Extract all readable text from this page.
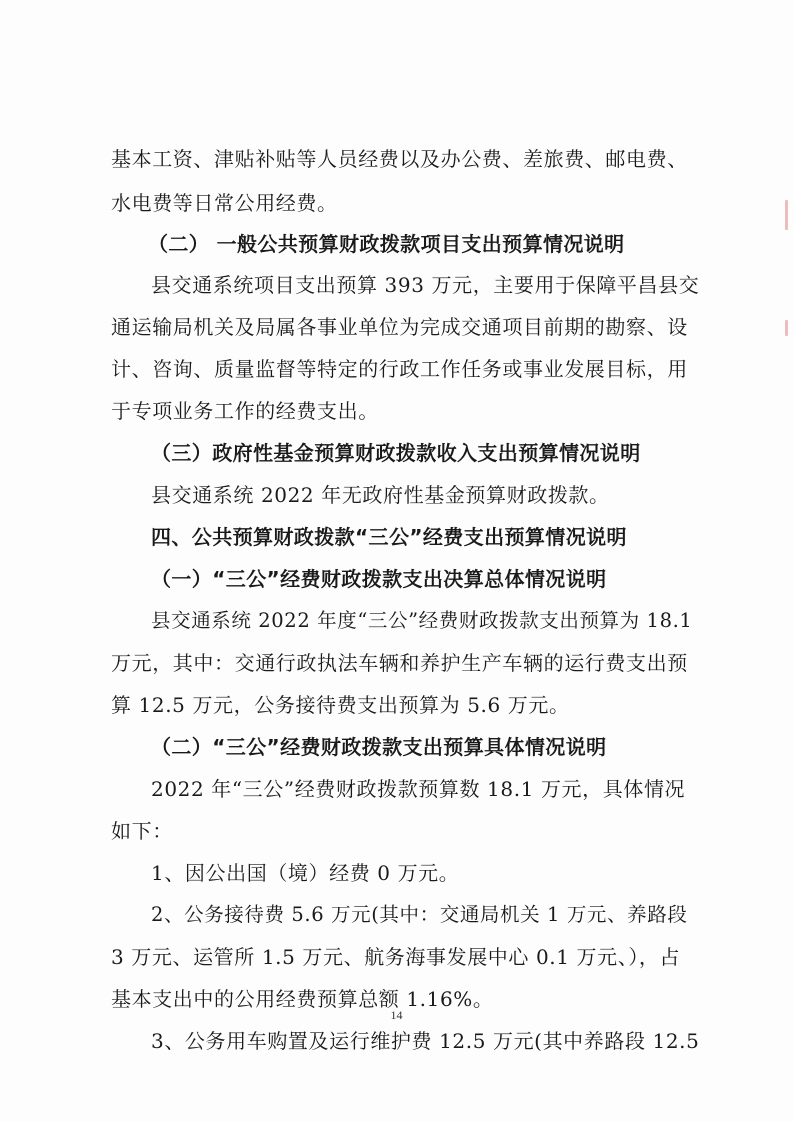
基本工资、津贴补贴等人员经费以及办公费、差旅费、邮电费、
水电费等日常公用经费。
（二） 一般公共预算财政拨款项目支出预算情况说明
县交通系统项目支出预算 393 万元，主要用于保障平昌县交
通运输局机关及局属各事业单位为完成交通项目前期的勘察、设
计、咨询、质量监督等特定的行政工作任务或事业发展目标，用
于专项业务工作的经费支出。
（三）政府性基金预算财政拨款收入支出预算情况说明
县交通系统 2022 年无政府性基金预算财政拨款。
四、公共预算财政拨款“三公”经费支出预算情况说明
（一）“三公”经费财政拨款支出决算总体情况说明
县交通系统 2022 年度“三公”经费财政拨款支出预算为 18.1
万元，其中：交通行政执法车辆和养护生产车辆的运行费支出预
算 12.5 万元，公务接待费支出预算为 5.6 万元。
（二）“三公”经费财政拨款支出预算具体情况说明
2022 年“三公”经费财政拨款预算数 18.1 万元，具体情况
如下：
1、因公出国（境）经费 0 万元。
2、公务接待费 5.6 万元(其中：交通局机关 1 万元、养路段
3 万元、运管所 1.5 万元、航务海事发展中心 0.1 万元、），占
基本支出中的公用经费预算总额 1.16%。
3、公务用车购置及运行维护费 12.5 万元(其中养路段 12.5
14
